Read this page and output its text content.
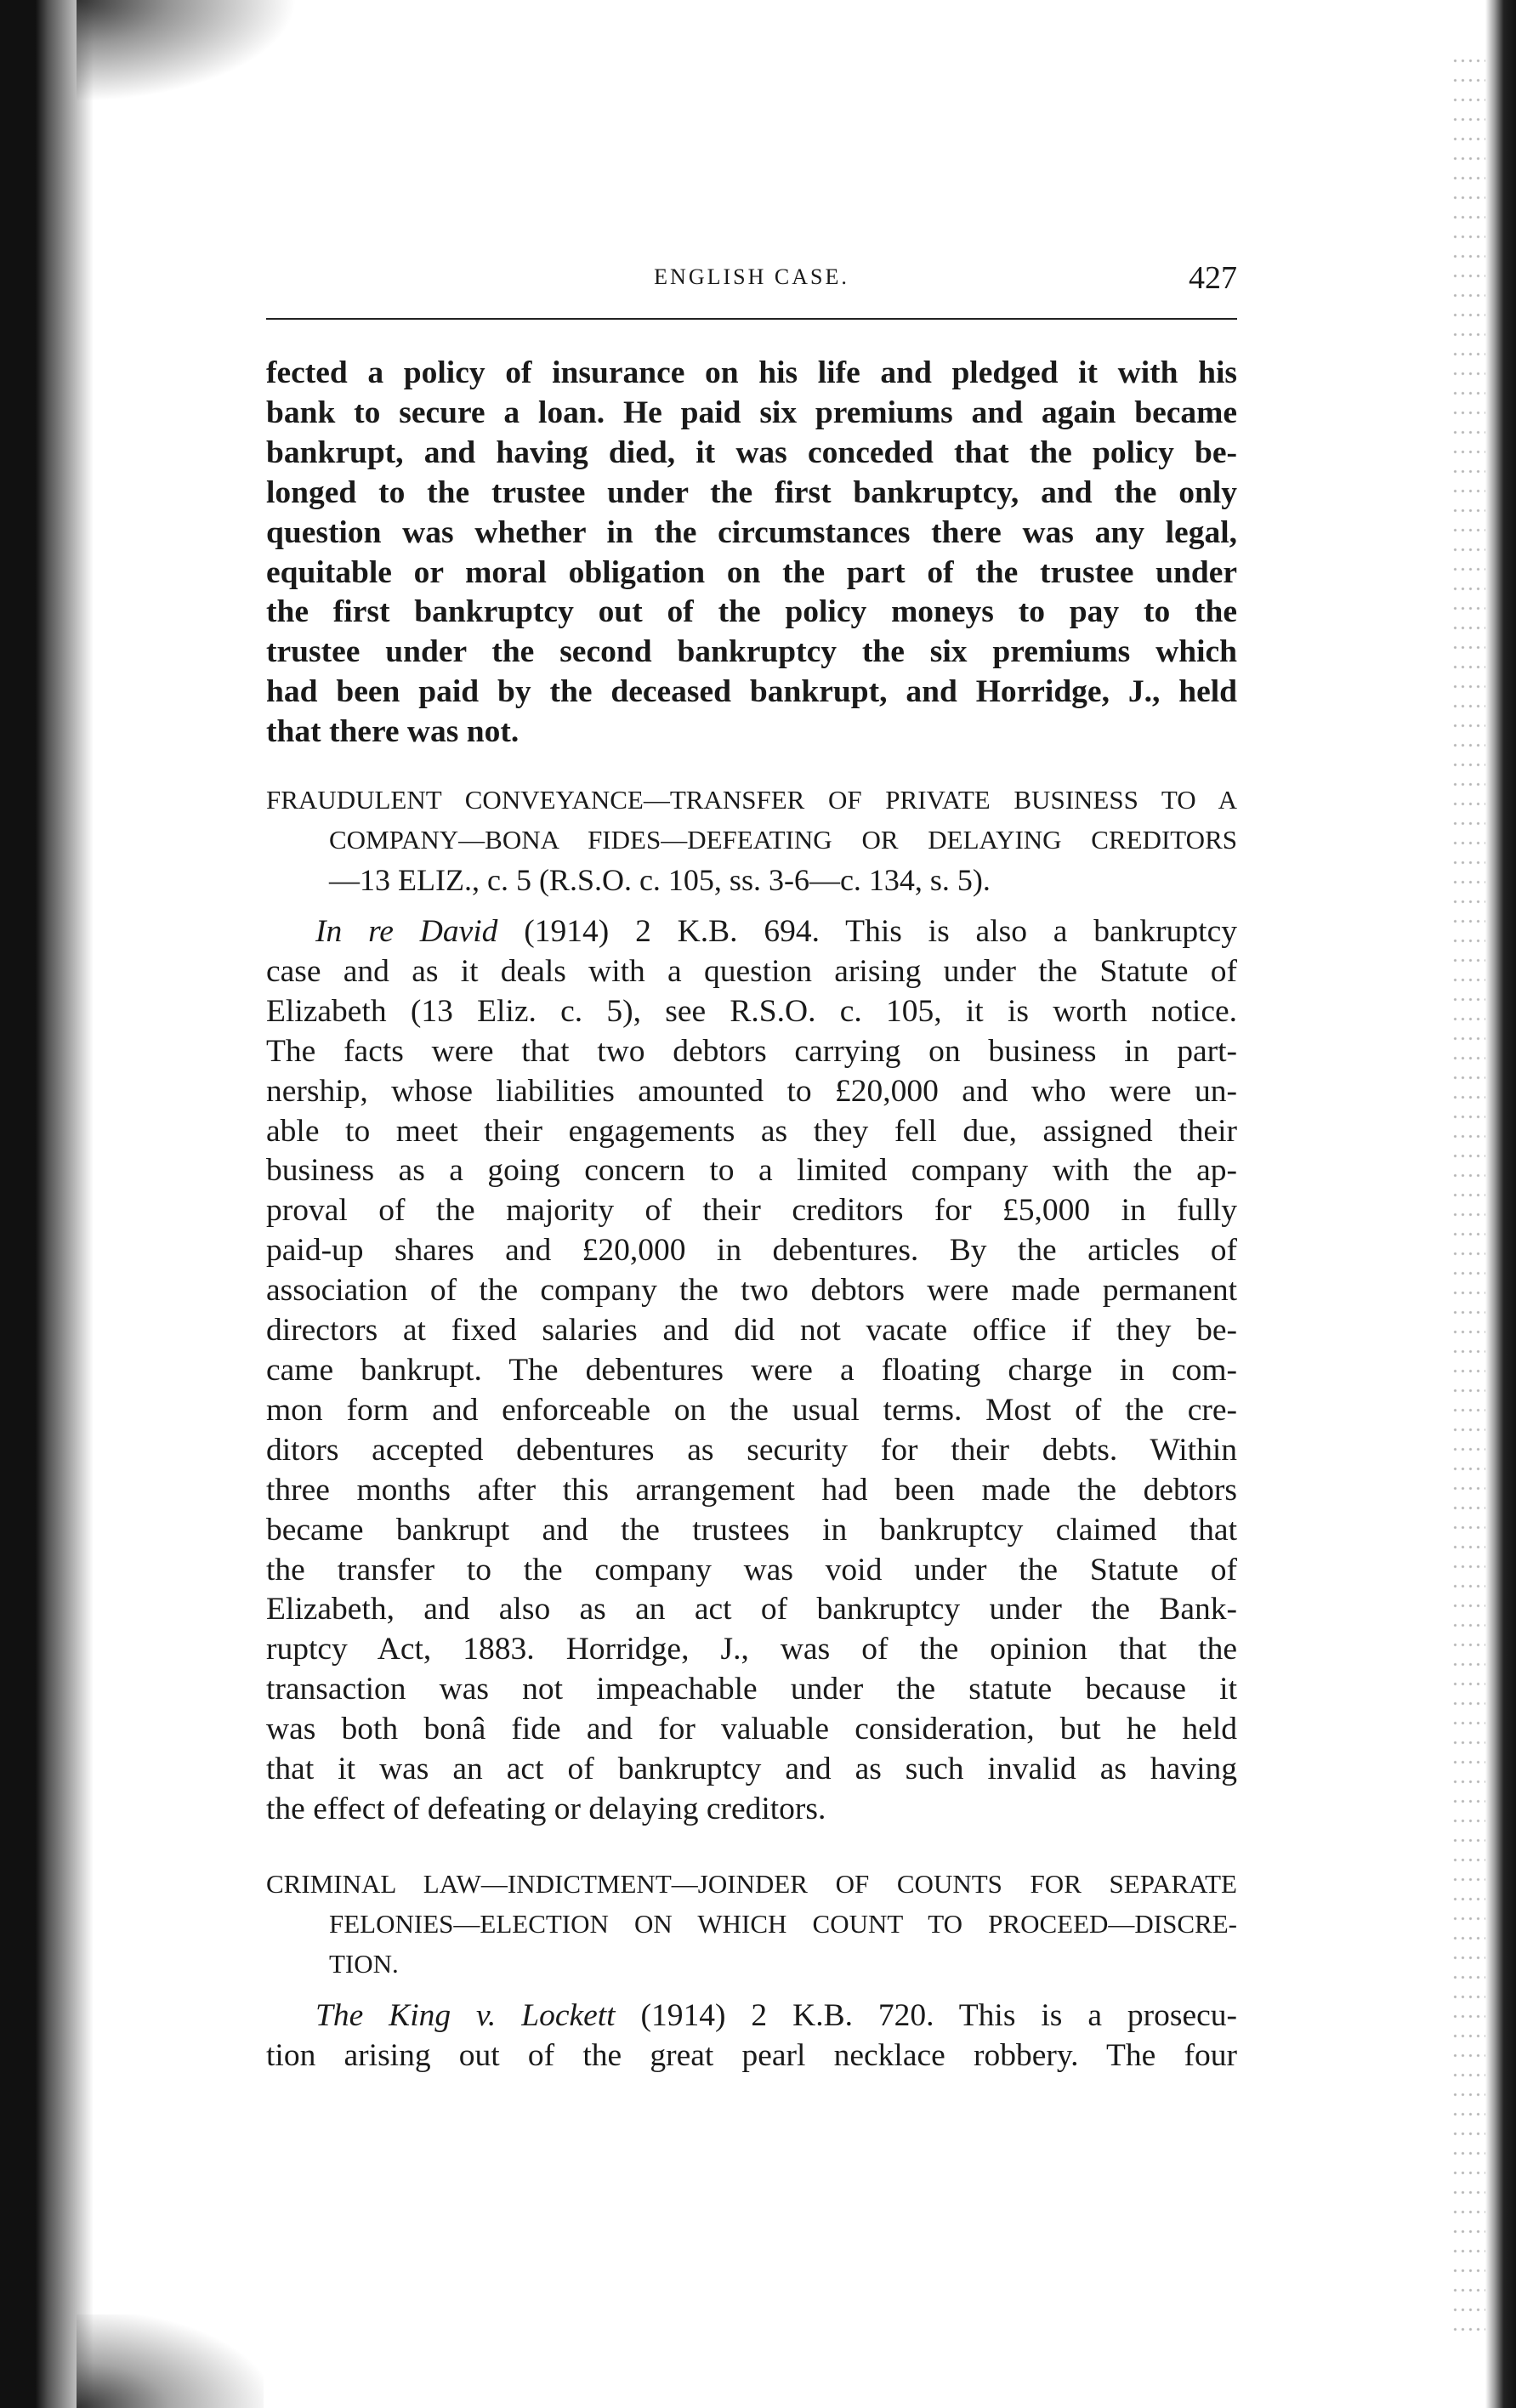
ENGLISH CASE.	427
fected a policy of insurance on his life and pledged it with his
bank to secure a loan. He paid six premiums and again became
bankrupt, and having died, it was conceded that the policy be-
longed to the trustee under the first bankruptcy, and the only
question was whether in the circumstances there was any legal,
equitable or moral obligation on the part of the trustee under
the first bankruptcy out of the policy moneys to pay to the
trustee under the second bankruptcy the six premiums which
had been paid by the deceased bankrupt, and Horridge, J., held
that there was not.
FRAUDULENT CONVEYANCE—TRANSFER OF PRIVATE BUSINESS TO A
COMPANY—BONA FIDES—DEFEATING OR DELAYING CREDITORS
—13 ELIZ., c. 5 (R.S.O. c. 105, ss. 3-6—c. 134, s. 5).
In re David (1914) 2 K.B. 694. This is also a bankruptcy
case and as it deals with a question arising under the Statute of
Elizabeth (13 Eliz. c. 5), see R.S.O. c. 105, it is worth notice.
The facts were that two debtors carrying on business in part-
nership, whose liabilities amounted to £20,000 and who were un-
able to meet their engagements as they fell due, assigned their
business as a going concern to a limited company with the ap-
proval of the majority of their creditors for £5,000 in fully
paid-up shares and £20,000 in debentures. By the articles of
association of the company the two debtors were made permanent
directors at fixed salaries and did not vacate office if they be-
came bankrupt. The debentures were a floating charge in com-
mon form and enforceable on the usual terms. Most of the cre-
ditors accepted debentures as security for their debts. Within
three months after this arrangement had been made the debtors
became bankrupt and the trustees in bankruptcy claimed that
the transfer to the company was void under the Statute of
Elizabeth, and also as an act of bankruptcy under the Bank-
ruptcy Act, 1883. Horridge, J., was of the opinion that the
transaction was not impeachable under the statute because it
was both bonâ fide and for valuable consideration, but he held
that it was an act of bankruptcy and as such invalid as having
the effect of defeating or delaying creditors.
CRIMINAL LAW—INDICTMENT—JOINDER OF COUNTS FOR SEPARATE
FELONIES—ELECTION ON WHICH COUNT TO PROCEED—DISCRE-
TION.
The King v. Lockett (1914) 2 K.B. 720. This is a prosecu-
tion arising out of the great pearl necklace robbery. The four
